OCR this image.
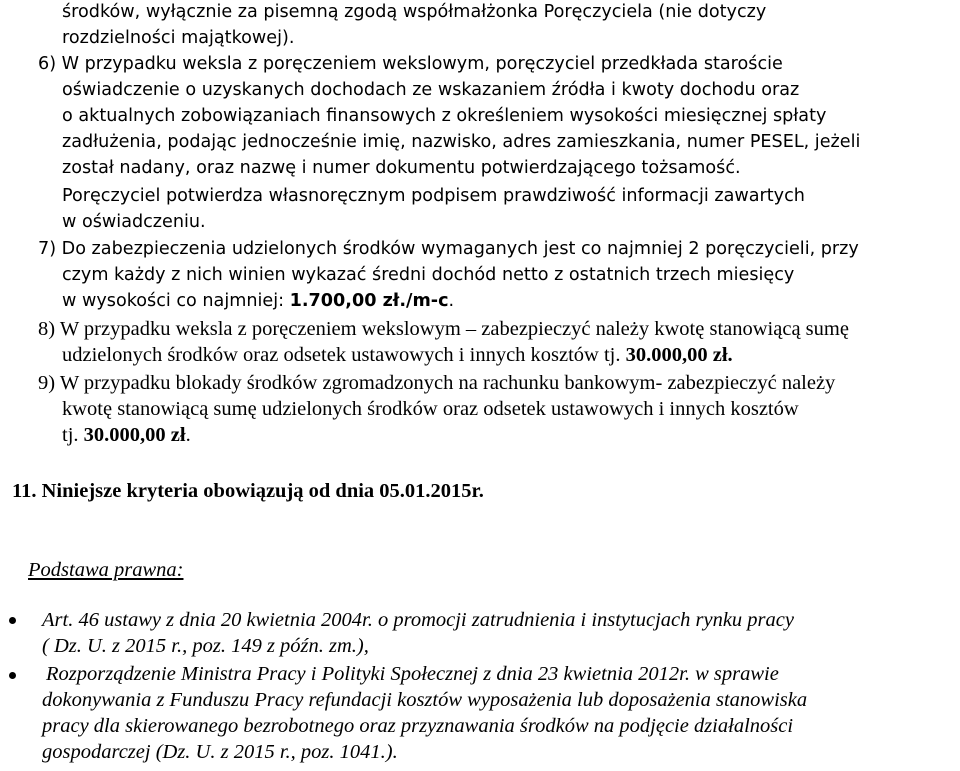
środków, wyłącznie za pisemną zgodą współmałżonka Poręczyciela (nie dotyczy
rozdzielności majątkowej).
6) W przypadku weksla z poręczeniem wekslowym, poręczyciel przedkłada staroście
oświadczenie o uzyskanych dochodach ze wskazaniem źródła i kwoty dochodu oraz
o aktualnych zobowiązaniach finansowych z określeniem wysokości miesięcznej spłaty
zadłużenia, podając jednocześnie imię, nazwisko, adres zamieszkania, numer PESEL, jeżeli
został nadany, oraz nazwę i numer dokumentu potwierdzającego tożsamość.
Poręczyciel potwierdza własnoręcznym podpisem prawdziwość informacji zawartych
w oświadczeniu.
7) Do zabezpieczenia udzielonych środków wymaganych jest co najmniej 2 poręczycieli, przy
czym każdy z nich winien wykazać średni dochód netto z ostatnich trzech miesięcy
w wysokości co najmniej: 1.700,00 zł./m-c.
8) W przypadku weksla z poręczeniem wekslowym – zabezpieczyć należy kwotę stanowiącą sumę
udzielonych środków oraz odsetek ustawowych i innych kosztów tj. 30.000,00 zł.
9) W przypadku blokady środków zgromadzonych na rachunku bankowym- zabezpieczyć należy
kwotę stanowiącą sumę udzielonych środków oraz odsetek ustawowych i innych kosztów
tj. 30.000,00 zł.
11. Niniejsze kryteria obowiązują od dnia 05.01.2015r.
Podstawa prawna:
Art. 46 ustawy z dnia 20 kwietnia 2004r. o promocji zatrudnienia i instytucjach rynku pracy
( Dz. U. z 2015 r., poz. 149 z późn. zm.),
Rozporządzenie Ministra Pracy i Polityki Społecznej z dnia 23 kwietnia 2012r. w sprawie
dokonywania z Funduszu Pracy refundacji kosztów wyposażenia lub doposażenia stanowiska
pracy dla skierowanego bezrobotnego oraz przyznawania środków na podjęcie działalności
gospodarczej (Dz. U. z 2015 r., poz. 1041.).
